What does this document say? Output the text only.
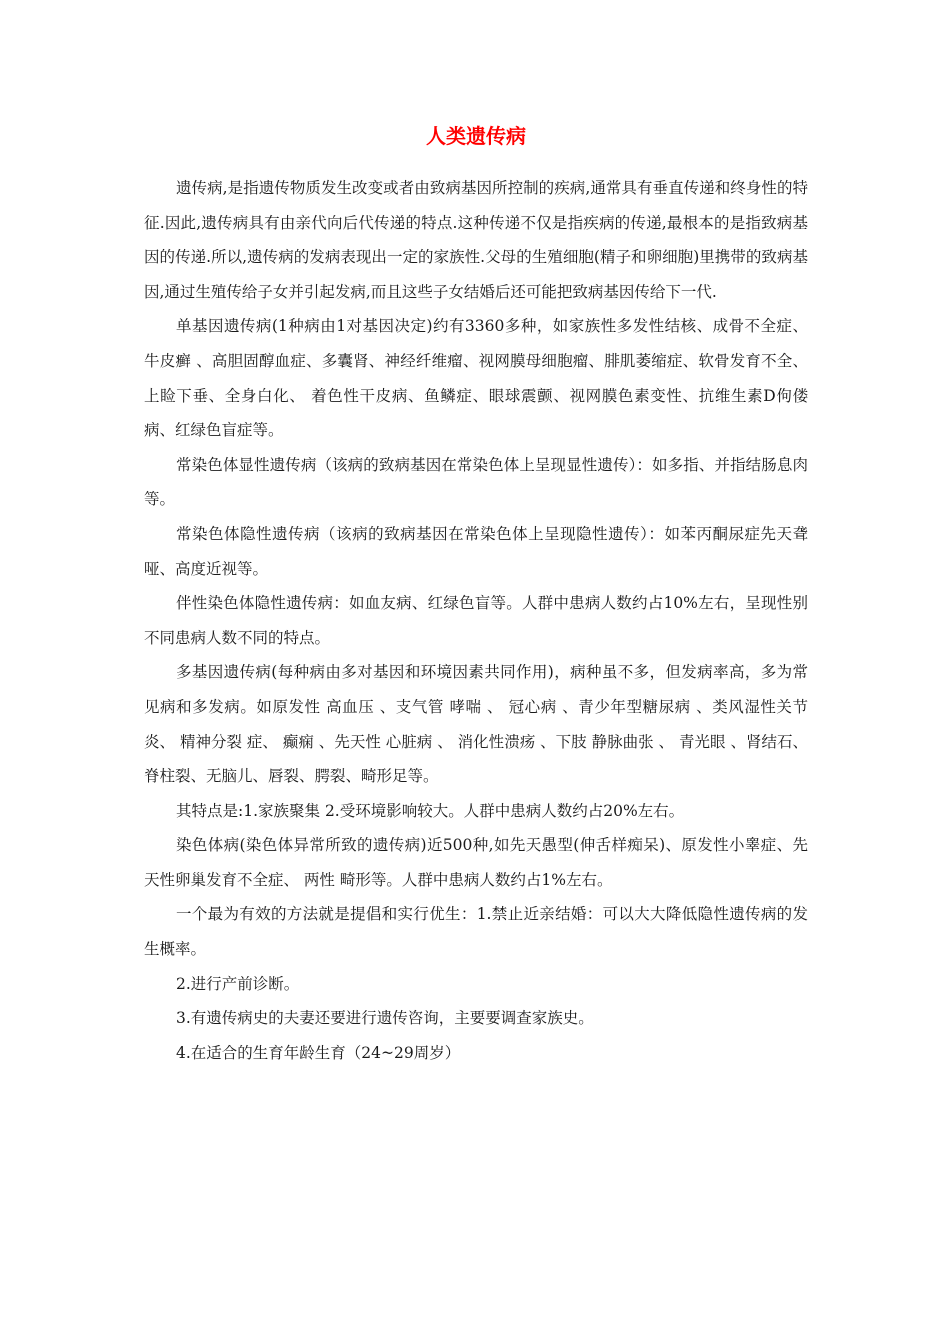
人类遗传病

遗传病,是指遗传物质发生改变或者由致病基因所控制的疾病,通常具有垂直传递和终身性的特征.因此,遗传病具有由亲代向后代传递的特点.这种传递不仅是指疾病的传递,最根本的是指致病基因的传递.所以,遗传病的发病表现出一定的家族性.父母的生殖细胞(精子和卵细胞)里携带的致病基因,通过生殖传给子女并引起发病,而且这些子女结婚后还可能把致病基因传给下一代.

单基因遗传病(1种病由1对基因决定)约有3360多种，如家族性多发性结核、成骨不全症、 牛皮癣 、高胆固醇血症、多囊肾、神经纤维瘤、视网膜母细胞瘤、腓肌萎缩症、软骨发育不全、上睑下垂、全身白化、 着色性干皮病、鱼鳞症、眼球震颤、视网膜色素变性、抗维生素D佝偻病、红绿色盲症等。

常染色体显性遗传病（该病的致病基因在常染色体上呈现显性遗传）：如多指、并指结肠息肉等。

常染色体隐性遗传病（该病的致病基因在常染色体上呈现隐性遗传）：如苯丙酮尿症先天聋哑、高度近视等。

伴性染色体隐性遗传病：如血友病、红绿色盲等。人群中患病人数约占10%左右，呈现性别不同患病人数不同的特点。

多基因遗传病(每种病由多对基因和环境因素共同作用)，病种虽不多，但发病率高，多为常见病和多发病。如原发性 高血压 、支气管 哮喘 、 冠心病 、青少年型糖尿病 、类风湿性关节炎、 精神分裂 症、 癫痫 、先天性 心脏病 、 消化性溃疡 、下肢 静脉曲张 、 青光眼 、肾结石、脊柱裂、无脑儿、唇裂、腭裂、畸形足等。

其特点是:1.家族聚集 2.受环境影响较大。人群中患病人数约占20%左右。

染色体病(染色体异常所致的遗传病)近500种,如先天愚型(伸舌样痴呆)、原发性小睾症、先天性卵巢发育不全症、 两性 畸形等。人群中患病人数约占1%左右。

一个最为有效的方法就是提倡和实行优生：1.禁止近亲结婚：可以大大降低隐性遗传病的发生概率。

2.进行产前诊断。

3.有遗传病史的夫妻还要进行遗传咨询，主要要调查家族史。

4.在适合的生育年龄生育（24~29周岁）
